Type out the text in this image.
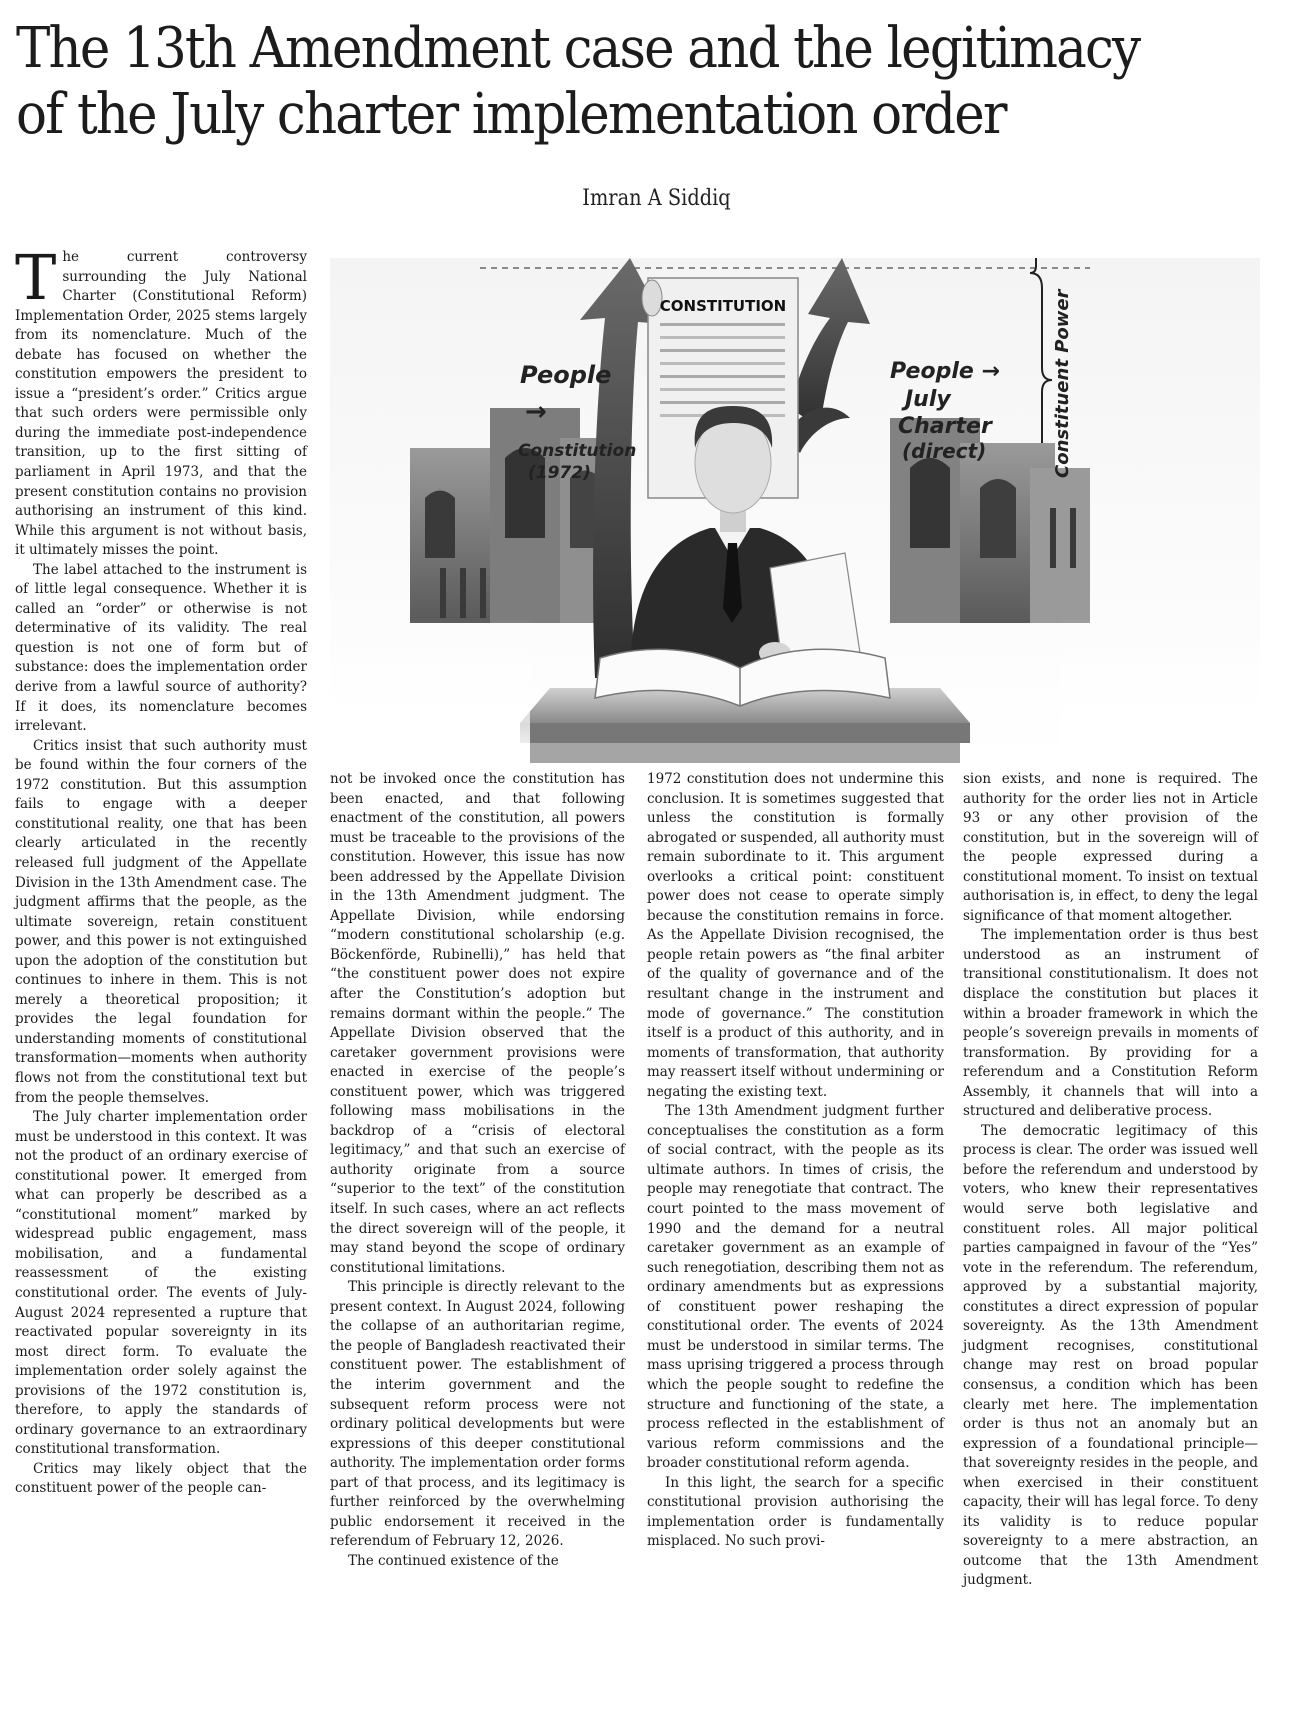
The 13th Amendment case and the legitimacy
of the July charter implementation order
Imran A Siddiq

The current controversy surrounding the July National Charter (Constitutional Reform) Implementation Order, 2025 stems largely from its nomenclature. Much of the debate has focused on whether the constitution empowers the president to issue a “president’s order.” Critics argue that such orders were permissible only during the immediate post-independence transition, up to the first sitting of parliament in April 1973, and that the present constitution contains no provision authorising an instrument of this kind. While this argument is not without basis, it ultimately misses the point.

The label attached to the instrument is of little legal consequence. Whether it is called an “order” or otherwise is not determinative of its validity. The real question is not one of form but of substance: does the implementation order derive from a lawful source of authority? If it does, its nomenclature becomes irrelevant.

Critics insist that such authority must be found within the four corners of the 1972 constitution. But this assumption fails to engage with a deeper constitutional reality, one that has been clearly articulated in the recently released full judgment of the Appellate Division in the 13th Amendment case. The judgment affirms that the people, as the ultimate sovereign, retain constituent power, and this power is not extinguished upon the adoption of the constitution but continues to inhere in them. This is not merely a theoretical proposition; it provides the legal foundation for understanding moments of constitutional transformation—moments when authority flows not from the constitutional text but from the people themselves.

The July charter implementation order must be understood in this context. It was not the product of an ordinary exercise of constitutional power. It emerged from what can properly be described as a “constitutional moment” marked by widespread public engagement, mass mobilisation, and a fundamental reassessment of the existing constitutional order. The events of July-August 2024 represented a rupture that reactivated popular sovereignty in its most direct form. To evaluate the implementation order solely against the provisions of the 1972 constitution is, therefore, to apply the standards of ordinary governance to an extraordinary constitutional transformation.

Critics may likely object that the constituent power of the people can-

CONSTITUTION
People
→
Constitution
(1972)
People →
July
Charter
(direct)	Constituent Power

not be invoked once the constitution has been enacted, and that following enactment of the constitution, all powers must be traceable to the provisions of the constitution. However, this issue has now been addressed by the Appellate Division in the 13th Amendment judgment. The Appellate Division, while endorsing “modern constitutional scholarship (e.g. Böckenförde, Rubinelli),” has held that “the constituent power does not expire after the Constitution’s adoption but remains dormant within the people.” The Appellate Division observed that the caretaker government provisions were enacted in exercise of the people’s constituent power, which was triggered following mass mobilisations in the backdrop of a “crisis of electoral legitimacy,” and that such an exercise of authority originate from a source “superior to the text” of the constitution itself. In such cases, where an act reflects the direct sovereign will of the people, it may stand beyond the scope of ordinary constitutional limitations.

This principle is directly relevant to the present context. In August 2024, following the collapse of an authoritarian regime, the people of Bangladesh reactivated their constituent power. The establishment of the interim government and the subsequent reform process were not ordinary political developments but were expressions of this deeper constitutional authority. The implementation order forms part of that process, and its legitimacy is further reinforced by the overwhelming public endorsement it received in the referendum of February 12, 2026.

The continued existence of the

1972 constitution does not undermine this conclusion. It is sometimes suggested that unless the constitution is formally abrogated or suspended, all authority must remain subordinate to it. This argument overlooks a critical point: constituent power does not cease to operate simply because the constitution remains in force. As the Appellate Division recognised, the people retain powers as “the final arbiter of the quality of governance and of the resultant change in the instrument and mode of governance.” The constitution itself is a product of this authority, and in moments of transformation, that authority may reassert itself without undermining or negating the existing text.

The 13th Amendment judgment further conceptualises the constitution as a form of social contract, with the people as its ultimate authors. In times of crisis, the people may renegotiate that contract. The court pointed to the mass movement of 1990 and the demand for a neutral caretaker government as an example of such renegotiation, describing them not as ordinary amendments but as expressions of constituent power reshaping the constitutional order. The events of 2024 must be understood in similar terms. The mass uprising triggered a process through which the people sought to redefine the structure and functioning of the state, a process reflected in the establishment of various reform commissions and the broader constitutional reform agenda.

In this light, the search for a specific constitutional provision authorising the implementation order is fundamentally misplaced. No such provi-

sion exists, and none is required. The authority for the order lies not in Article 93 or any other provision of the constitution, but in the sovereign will of the people expressed during a constitutional moment. To insist on textual authorisation is, in effect, to deny the legal significance of that moment altogether.

The implementation order is thus best understood as an instrument of transitional constitutionalism. It does not displace the constitution but places it within a broader framework in which the people’s sovereign prevails in moments of transformation. By providing for a referendum and a Constitution Reform Assembly, it channels that will into a structured and deliberative process.

The democratic legitimacy of this process is clear. The order was issued well before the referendum and understood by voters, who knew their representatives would serve both legislative and constituent roles. All major political parties campaigned in favour of the “Yes” vote in the referendum. The referendum, approved by a substantial majority, constitutes a direct expression of popular sovereignty. As the 13th Amendment judgment recognises, constitutional change may rest on broad popular consensus, a condition which has been clearly met here. The implementation order is thus not an anomaly but an expression of a foundational principle—that sovereignty resides in the people, and when exercised in their constituent capacity, their will has legal force. To deny its validity is to reduce popular sovereignty to a mere abstraction, an outcome that the 13th Amendment judgment.
